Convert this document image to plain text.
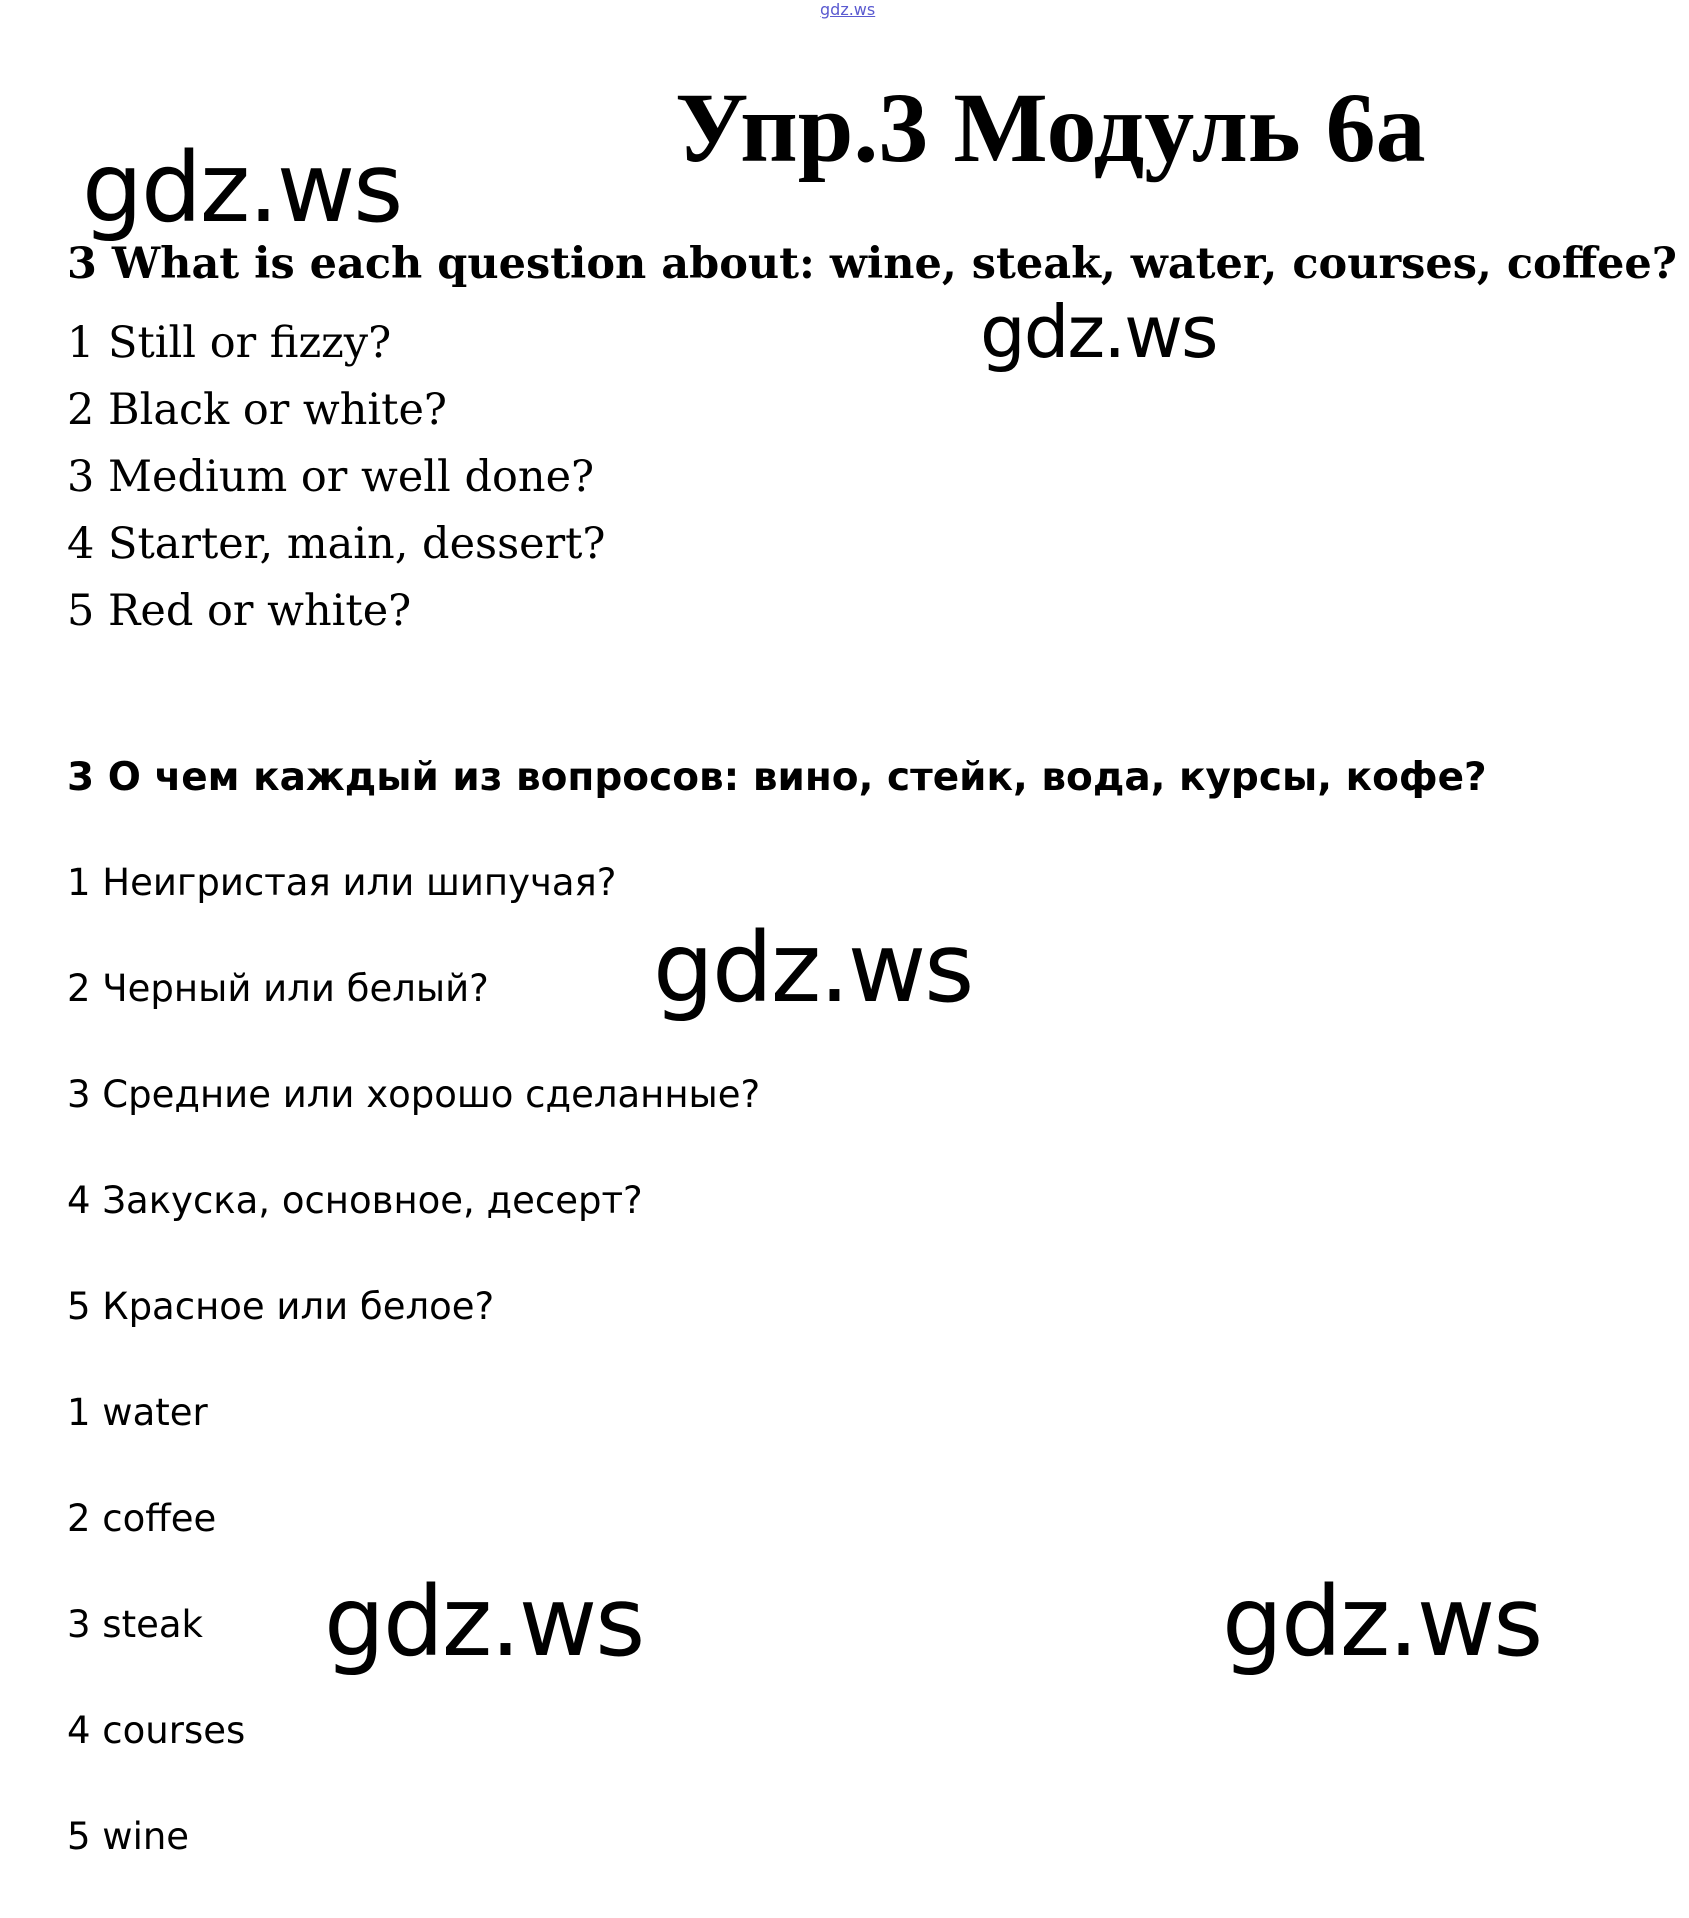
gdz.ws
Упр.3 Модуль 6а
gdz.ws
gdz.ws
gdz.ws
gdz.ws	gdz.ws
3 What is each question about: wine, steak, water, courses, coffee?
1 Still or fizzy?
2 Black or white?
3 Medium or well done?
4 Starter, main, dessert?
5 Red or white?
3 О чем каждый из вопросов: вино, стейк, вода, курсы, кофе?
1 Неигристая или шипучая?
2 Черный или белый?
3 Средние или хорошо сделанные?
4 Закуска, основное, десерт?
5 Красное или белое?
1 water
2 coffee
3 steak
4 courses
5 wine
